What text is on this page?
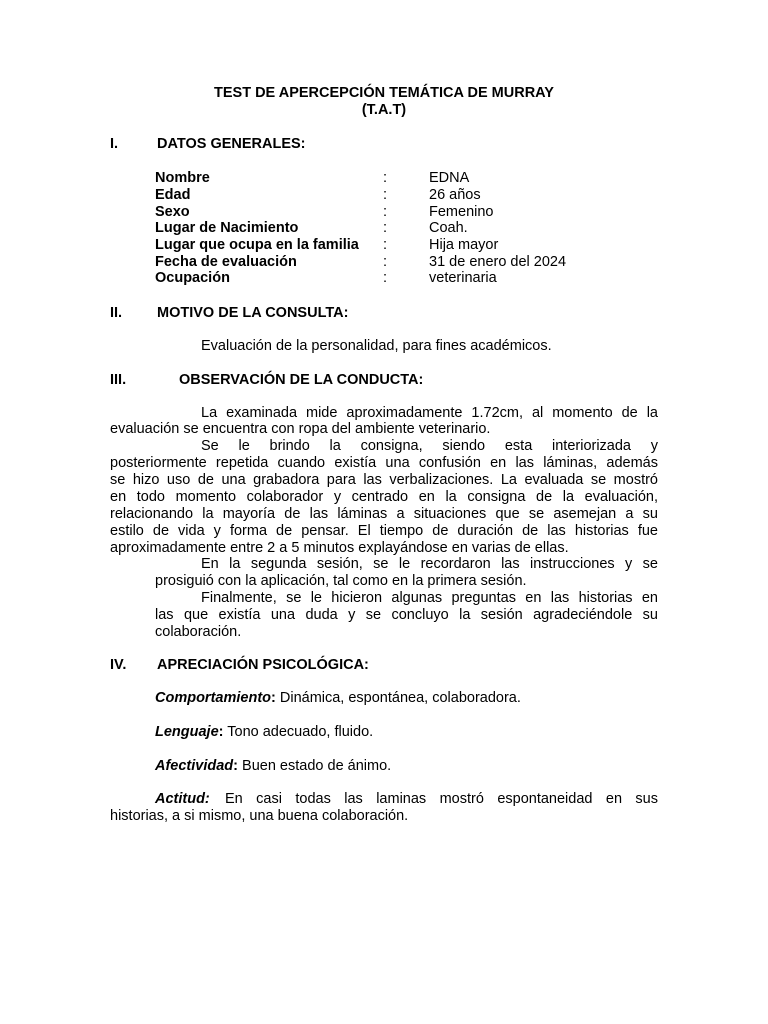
TEST DE APERCEPCIÓN TEMÁTICA DE MURRAY
(T.A.T)
I.	DATOS GENERALES:
Nombre	:	EDNA
Edad	:	26 años
Sexo	:	Femenino
Lugar de Nacimiento	:	Coah.
Lugar que ocupa en la familia :	Hija mayor
Fecha de evaluación	:	31 de enero del 2024
Ocupación	:	veterinaria
II. MOTIVO DE LA CONSULTA:
Evaluación de la personalidad, para fines académicos.
III.	OBSERVACIÓN DE LA CONDUCTA:
La examinada mide aproximadamente 1.72cm, al momento de la
evaluación se encuentra con ropa del ambiente veterinario.
Se le brindo la consigna, siendo esta interiorizada y
posteriormente repetida cuando existía una confusión en las láminas, además
se hizo uso de una grabadora para las verbalizaciones. La evaluada se mostró
en todo momento colaborador y centrado en la consigna de la evaluación,
relacionando la mayoría de las láminas a situaciones que se asemejan a su
estilo de vida y forma de pensar. El tiempo de duración de las historias fue
aproximadamente entre 2 a 5 minutos explayándose en varias de ellas.
En la segunda sesión, se le recordaron las instrucciones y se
prosiguió con la aplicación, tal como en la primera sesión.
Finalmente, se le hicieron algunas preguntas en las historias en
las que existía una duda y se concluyo la sesión agradeciéndole su
colaboración.
IV. APRECIACIÓN PSICOLÓGICA:
Comportamiento: Dinámica, espontánea, colaboradora.
Lenguaje: Tono adecuado, fluido.
Afectividad: Buen estado de ánimo.
Actitud: En casi todas las laminas mostró espontaneidad en sus
historias, a si mismo, una buena colaboración.
